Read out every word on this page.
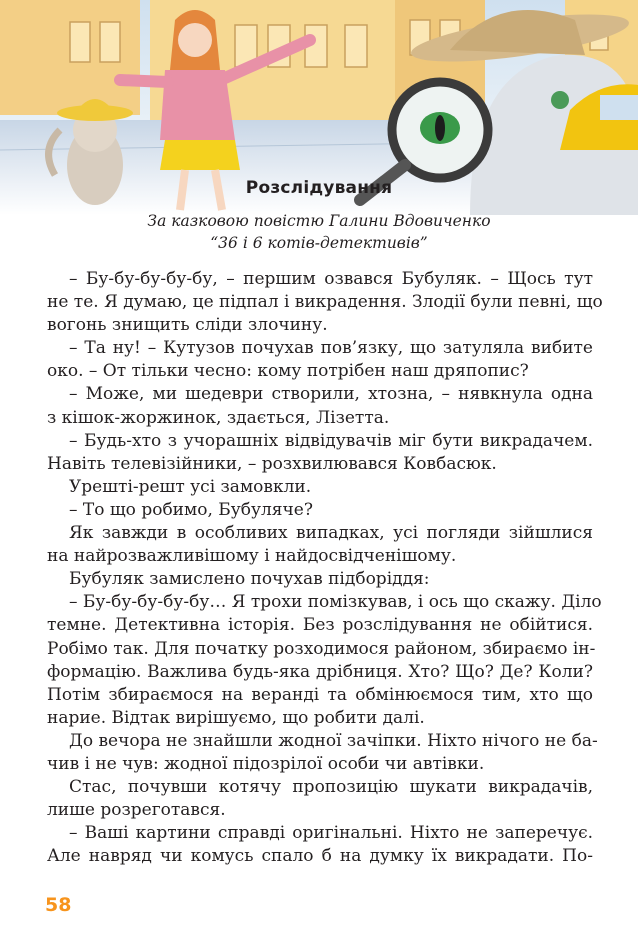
Розслідування
За казковою повістю Галини Вдовиченко
“36 і 6 котів-детективів”
– Бу-бу-бу-бу-бу, – першим озвався Бубуляк. – Щось тут
не те. Я думаю, це підпал і викрадення. Злодії були певні, що
вогонь знищить сліди злочину.
– Та ну! – Кутузов почухав пов’язку, що затуляла вибите
око. – От тільки чесно: кому потрібен наш дряпопис?
– Може, ми шедеври створили, хтозна, – нявкнула одна
з кішок-жоржинок, здається, Лізетта.
– Будь-хто з учорашніх відвідувачів міг бути викрадачем.
Навіть телевізійники, – розхвилювався Ковбасюк.
Урешті-решт усі замовкли.
– То що робимо, Бубуляче?
Як завжди в особливих випадках, усі погляди зійшлися
на найрозважливішому і найдосвідченішому.
Бубуляк замислено почухав підборіддя:
– Бу-бу-бу-бу-бу… Я трохи помізкував, і ось що скажу. Діло
темне. Детективна історія. Без розслідування не обійтися.
Робімо так. Для початку розходимося районом, збираємо ін-
формацію. Важлива будь-яка дрібниця. Хто? Що? Де? Коли?
Потім збираємося на веранді та обмінюємося тим, хто що
нарие. Відтак вирішуємо, що робити далі.
До вечора не знайшли жодної зачіпки. Ніхто нічого не ба-
чив і не чув: жодної підозрілої особи чи автівки.
Стас, почувши котячу пропозицію шукати викрадачів,
лише розреготався.
– Ваші картини справді оригінальні. Ніхто не заперечує.
Але навряд чи комусь спало б на думку їх викрадати. По-
58
